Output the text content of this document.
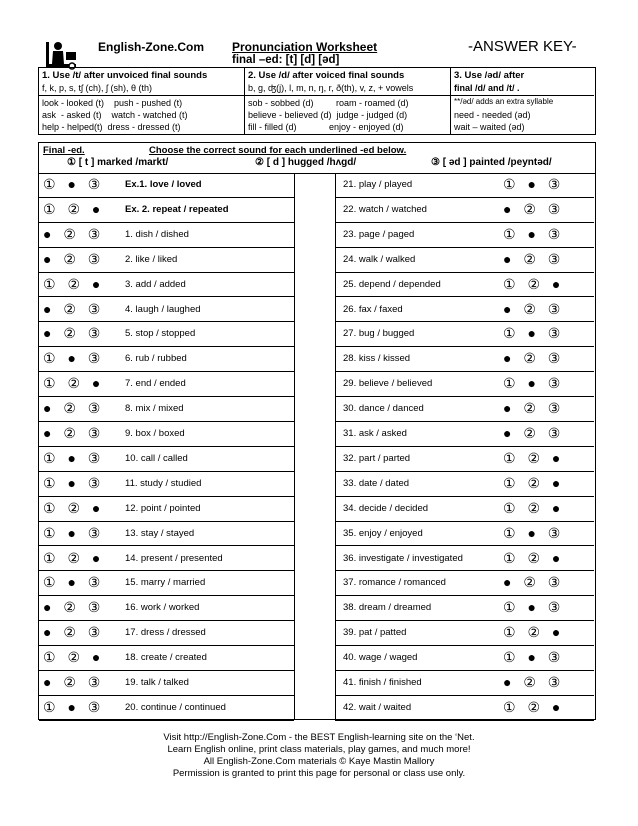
English-Zone.Com Pronunciation Worksheet
final –ed: [t] [d] [əd]
-ANSWER KEY-
1. Use /t/ after unvoiced final sounds
f, k, p, s, tʃ (ch), ʃ (sh), θ (th)
look - looked (t)    push - pushed (t)
ask  - asked (t)    watch - watched (t)
help - helped(t)  dress - dressed (t)
2. Use /d/ after voiced final sounds
b, g, ʤ(j), l, m, n, ŋ, r, ð(th), v, z, + vowels
sob - sobbed (d)         roam - roamed (d)
believe - believed (d)  judge - judged (d)
fill - filled (d)             enjoy - enjoyed (d)
3. Use /əd/ after
final /d/ and /t/ .
**/əd/ adds an extra syllable
need - needed (əd)
wait – waited (əd)
Final -ed.	Choose the correct sound for each underlined -ed below.
① [ t ] marked /markt/	② [ d ] hugged /hʌgd/	③ [ əd ] painted /peyntəd/
① ● ③ Ex.1. love / loved
① ② ● Ex. 2. repeat / repeated
● ② ③ 1. dish / dished
● ② ③ 2. like / liked
① ② ● 3. add / added
● ② ③ 4. laugh / laughed
● ② ③ 5. stop / stopped
① ● ③ 6. rub / rubbed
① ② ● 7. end / ended
● ② ③ 8. mix / mixed
● ② ③ 9. box / boxed
① ● ③ 10. call / called
① ● ③ 11. study / studied
① ② ● 12. point / pointed
① ● ③ 13. stay / stayed
① ② ● 14. present / presented
① ● ③ 15. marry / married
● ② ③ 16. work / worked
● ② ③ 17. dress / dressed
① ② ● 18. create / created
● ② ③ 19. talk / talked
① ● ③ 20. continue / continued
21. play / played	① ● ③
22. watch / watched	● ② ③
23. page / paged	① ● ③
24. walk / walked	● ② ③
25. depend / depended	① ② ●
26. fax / faxed	● ② ③
27. bug / bugged	① ● ③
28. kiss / kissed	● ② ③
29. believe / believed	① ● ③
30. dance / danced	● ② ③
31. ask / asked	● ② ③
32. part / parted	① ② ●
33. date / dated	① ② ●
34. decide / decided	① ② ●
35. enjoy / enjoyed	① ● ③
36. investigate / investigated	① ② ●
37. romance / romanced	● ② ③
38. dream / dreamed	① ● ③
39. pat / patted	① ② ●
40. wage / waged	① ● ③
41. finish / finished	● ② ③
42. wait / waited	① ② ●
Visit http://English-Zone.Com - the BEST English-learning site on the ‘Net.
Learn English online, print class materials, play games, and much more!
All English-Zone.Com materials © Kaye Mastin Mallory
Permission is granted to print this page for personal or class use only.
